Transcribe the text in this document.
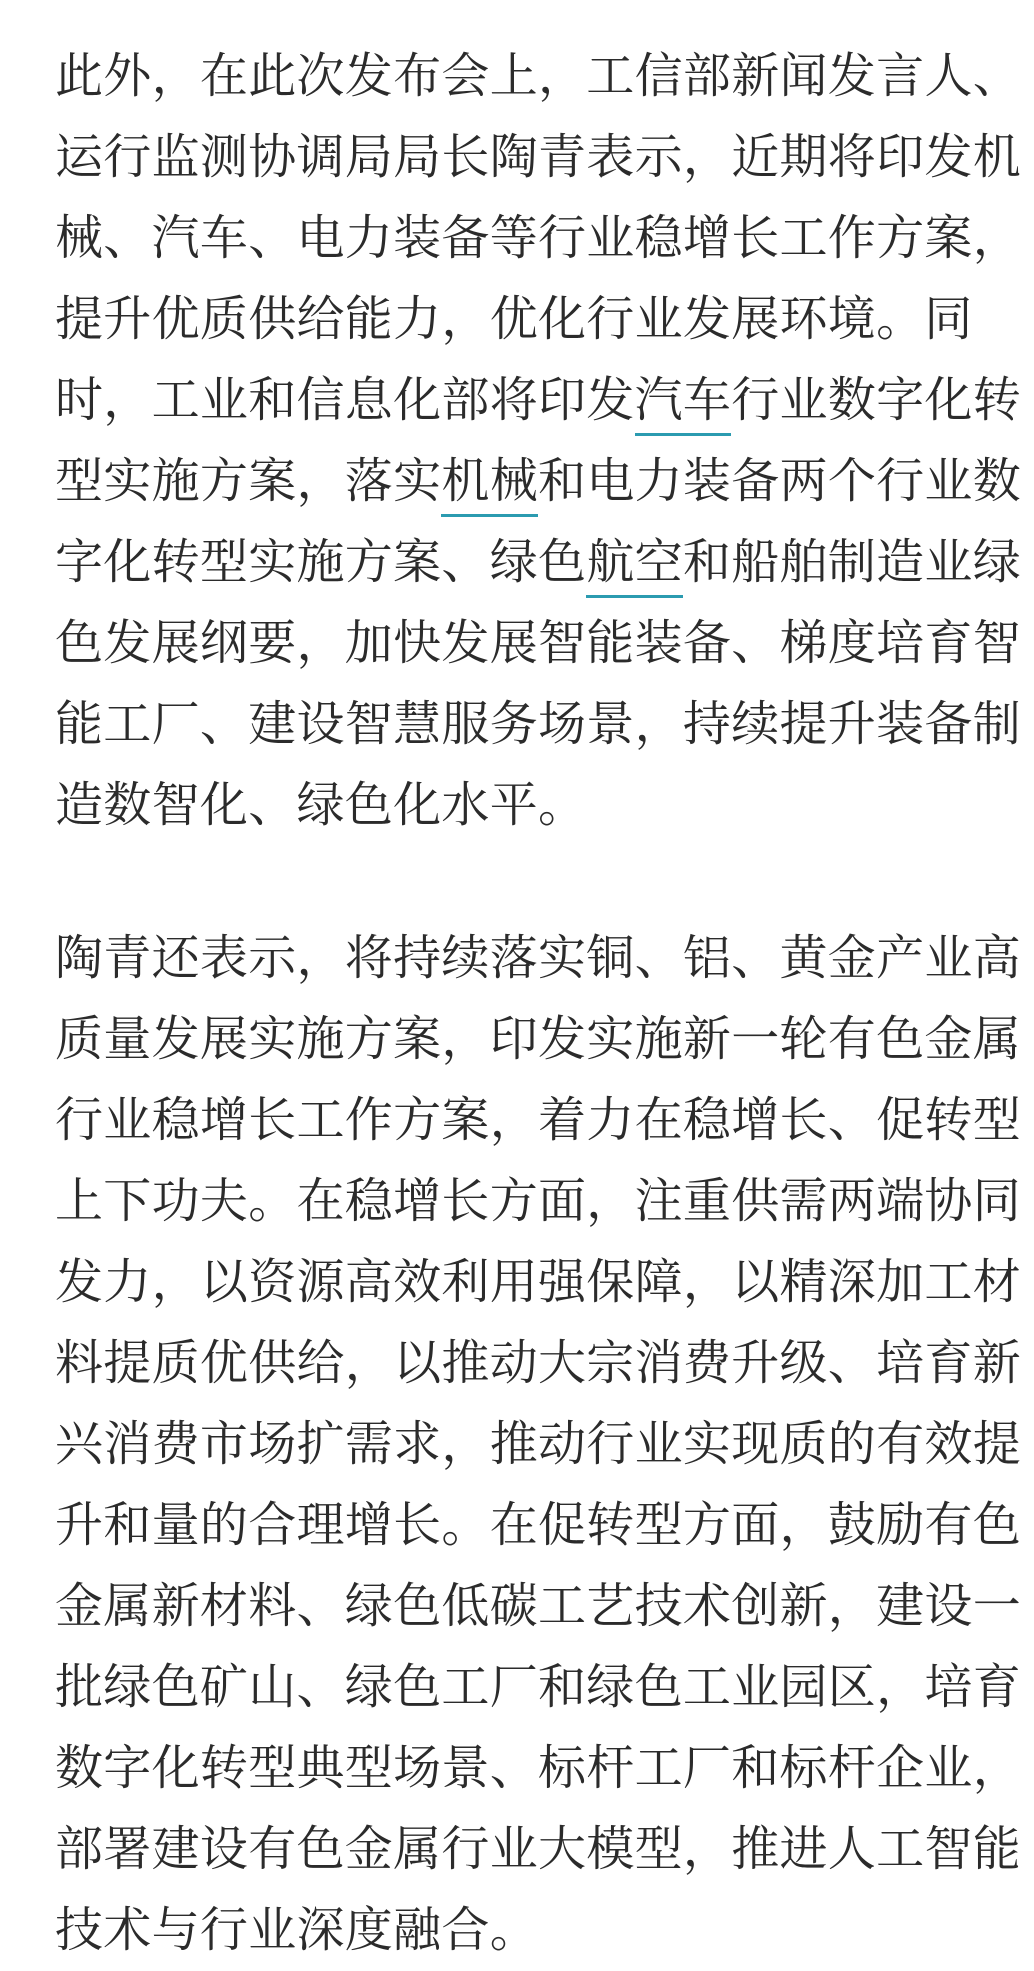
此外，在此次发布会上，工信部新闻发言人、
运行监测协调局局长陶青表示，近期将印发机
械、汽车、电力装备等行业稳增长工作方案，
提升优质供给能力，优化行业发展环境。同
时，工业和信息化部将印发汽车行业数字化转
型实施方案，落实机械和电力装备两个行业数
字化转型实施方案、绿色航空和船舶制造业绿
色发展纲要，加快发展智能装备、梯度培育智
能工厂、建设智慧服务场景，持续提升装备制
造数智化、绿色化水平。

陶青还表示，将持续落实铜、铝、黄金产业高
质量发展实施方案，印发实施新一轮有色金属
行业稳增长工作方案，着力在稳增长、促转型
上下功夫。在稳增长方面，注重供需两端协同
发力，以资源高效利用强保障，以精深加工材
料提质优供给，以推动大宗消费升级、培育新
兴消费市场扩需求，推动行业实现质的有效提
升和量的合理增长。在促转型方面，鼓励有色
金属新材料、绿色低碳工艺技术创新，建设一
批绿色矿山、绿色工厂和绿色工业园区，培育
数字化转型典型场景、标杆工厂和标杆企业，
部署建设有色金属行业大模型，推进人工智能
技术与行业深度融合。
